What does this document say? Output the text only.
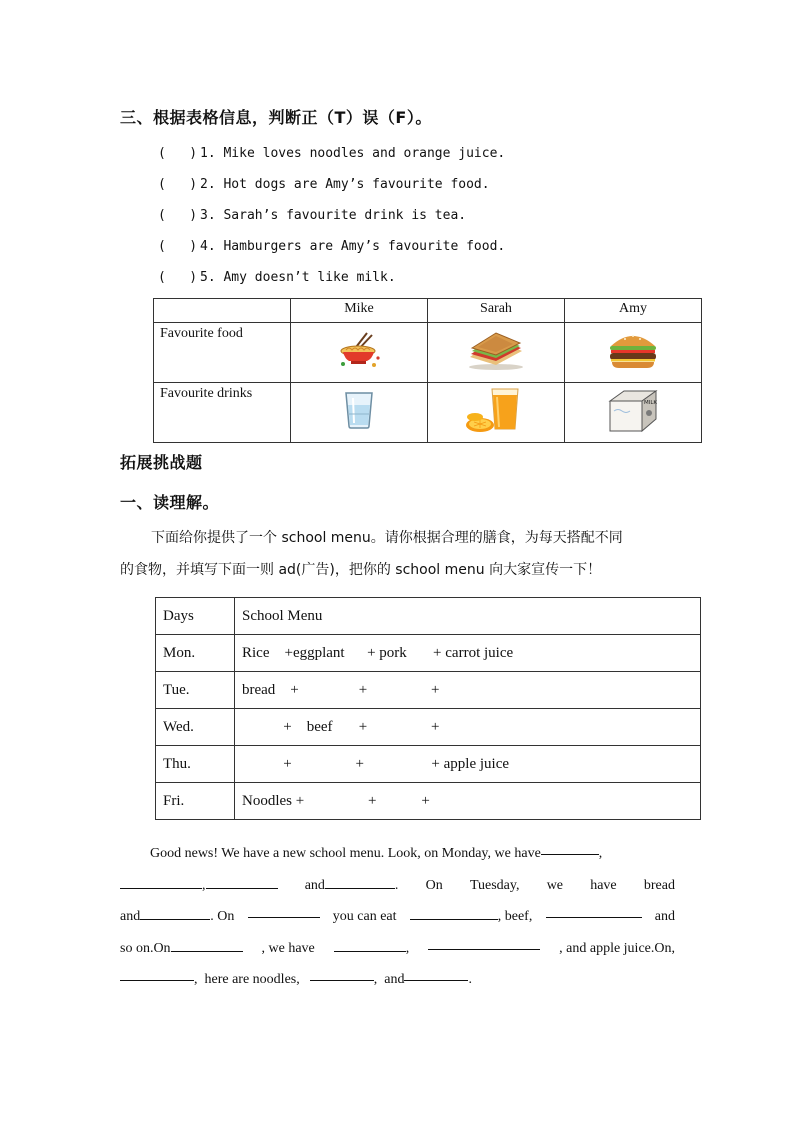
三、根据表格信息，判断正（T）误（F）。
(   ) 1. Mike loves noodles and orange juice.
(   ) 2. Hot dogs are Amy’s favourite food.
(   ) 3. Sarah’s favourite drink is tea.
(   ) 4. Hamburgers are Amy’s favourite food.
(   ) 5. Amy doesn’t like milk.
	Mike	Sarah	Amy
Favourite food	

Favourite drinks			MILK
拓展挑战题
一、读理解。
下面给你提供了一个 school menu。请你根据合理的膳食，为每天搭配不同
的食物，并填写下面一则 ad(广告)，把你的 school menu 向大家宣传一下！
Days	School Menu
Mon.	Rice    +eggplant      + pork       + carrot juice
Tue.	bread    +                +                 +
Wed.	+    beef       +                 +
Thu.	+                 +                  + apple juice
Fri.	Noodles +                 +            +
Good news! We have a new school menu. Look, on Monday, we have	,
,	and	. On Tuesday, we have bread
and	. On	you can eat	, beef,	and
so on.On	, we have	,	, and apple juice.On,
,  here are noodles,	,  and	.
